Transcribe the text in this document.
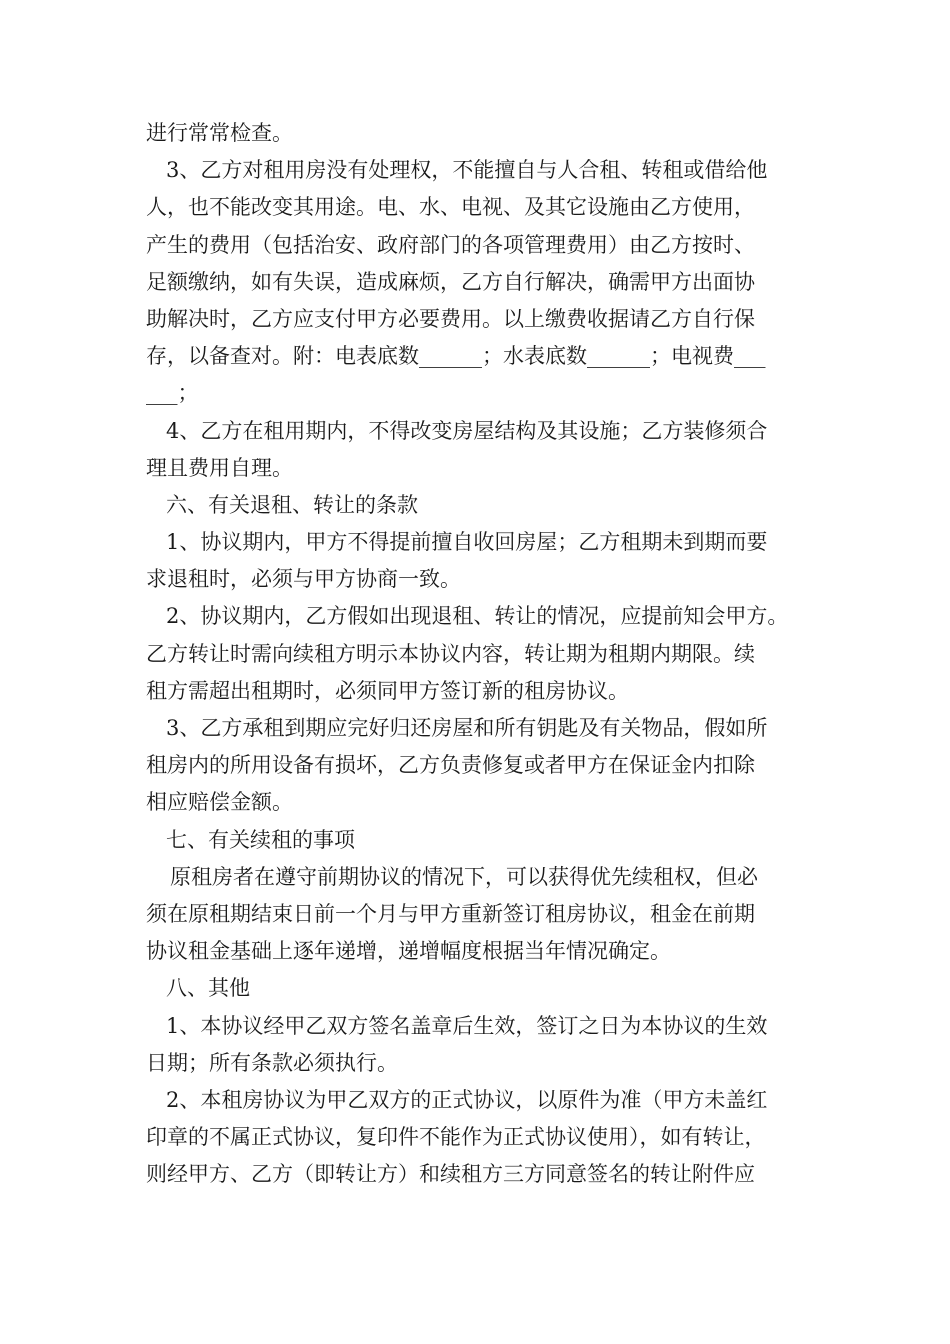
进行常常检查。
3、乙方对租用房没有处理权，不能擅自与人合租、转租或借给他
人，也不能改变其用途。电、水、电视、及其它设施由乙方使用，
产生的费用（包括治安、政府部门的各项管理费用）由乙方按时、
足额缴纳，如有失误，造成麻烦，乙方自行解决，确需甲方出面协
助解决时，乙方应支付甲方必要费用。以上缴费收据请乙方自行保
存，以备查对。附：电表底数______；水表底数______；电视费___
___；
4、乙方在租用期内，不得改变房屋结构及其设施；乙方装修须合
理且费用自理。
六、有关退租、转让的条款
1、协议期内，甲方不得提前擅自收回房屋；乙方租期未到期而要
求退租时，必须与甲方协商一致。
2、协议期内，乙方假如出现退租、转让的情况，应提前知会甲方。
乙方转让时需向续租方明示本协议内容，转让期为租期内期限。续
租方需超出租期时，必须同甲方签订新的租房协议。
3、乙方承租到期应完好归还房屋和所有钥匙及有关物品，假如所
租房内的所用设备有损坏，乙方负责修复或者甲方在保证金内扣除
相应赔偿金额。
七、有关续租的事项
原租房者在遵守前期协议的情况下，可以获得优先续租权，但必
须在原租期结束日前一个月与甲方重新签订租房协议，租金在前期
协议租金基础上逐年递增，递增幅度根据当年情况确定。
八、其他
1、本协议经甲乙双方签名盖章后生效，签订之日为本协议的生效
日期；所有条款必须执行。
2、本租房协议为甲乙双方的正式协议，以原件为准（甲方未盖红
印章的不属正式协议，复印件不能作为正式协议使用），如有转让，
则经甲方、乙方（即转让方）和续租方三方同意签名的转让附件应
